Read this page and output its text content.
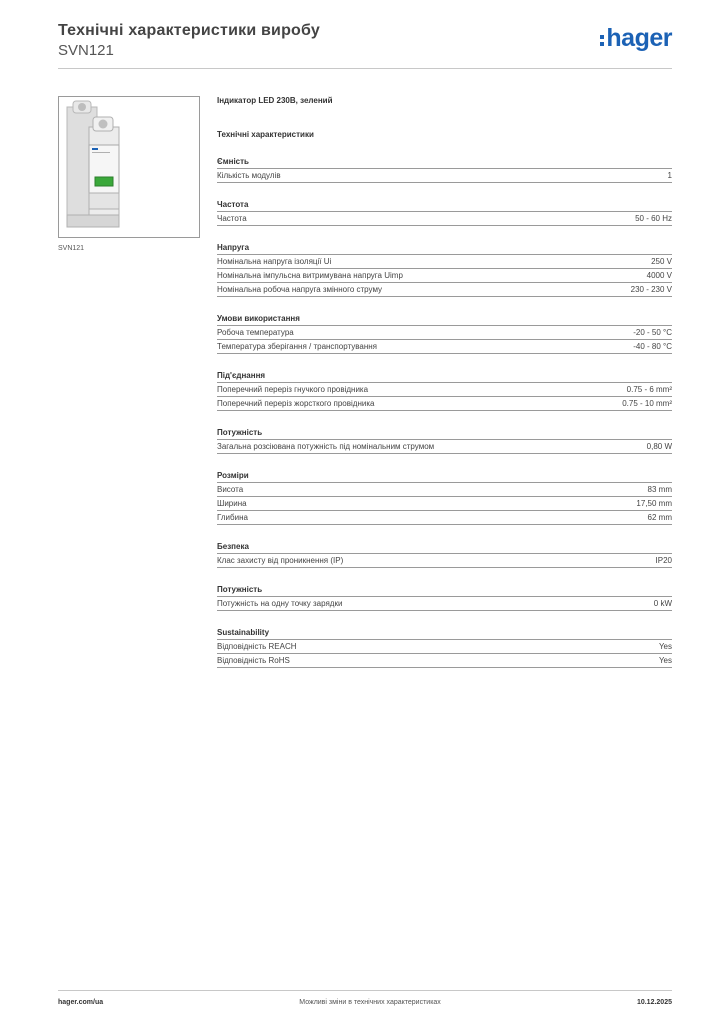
Технічні характеристики виробу
SVN121	hager
SVN121
Індикатор LED 230B, зелений
Технічні характеристики
Ємність
Кількість модулів	1
Частота
Частота	50 - 60 Hz
Напруга
Номінальна напруга ізоляції Ui	250 V
Номінальна імпульсна витримувана напруга Uimp	4000 V
Номінальна робоча напруга змінного струму	230 - 230 V
Умови використання
Робоча температура	-20 - 50 °C
Температура зберігання / транспортування	-40 - 80 °C
Під'єднання
Поперечний переріз гнучкого провідника	0.75 - 6 mm²
Поперечний переріз жорсткого провідника	0.75 - 10 mm²
Потужність
Загальна розсіювана потужність під номінальним струмом	0,80 W
Розміри
Висота	83 mm
Ширина	17,50 mm
Глибина	62 mm
Безпека
Клас захисту від проникнення (IP)	IP20
Потужність
Потужність на одну точку зарядки	0 kW
Sustainability
Відповідність REACH	Yes
Відповідність RoHS	Yes
hager.com/ua	Можливі зміни в технічних характеристиках	10.12.2025
